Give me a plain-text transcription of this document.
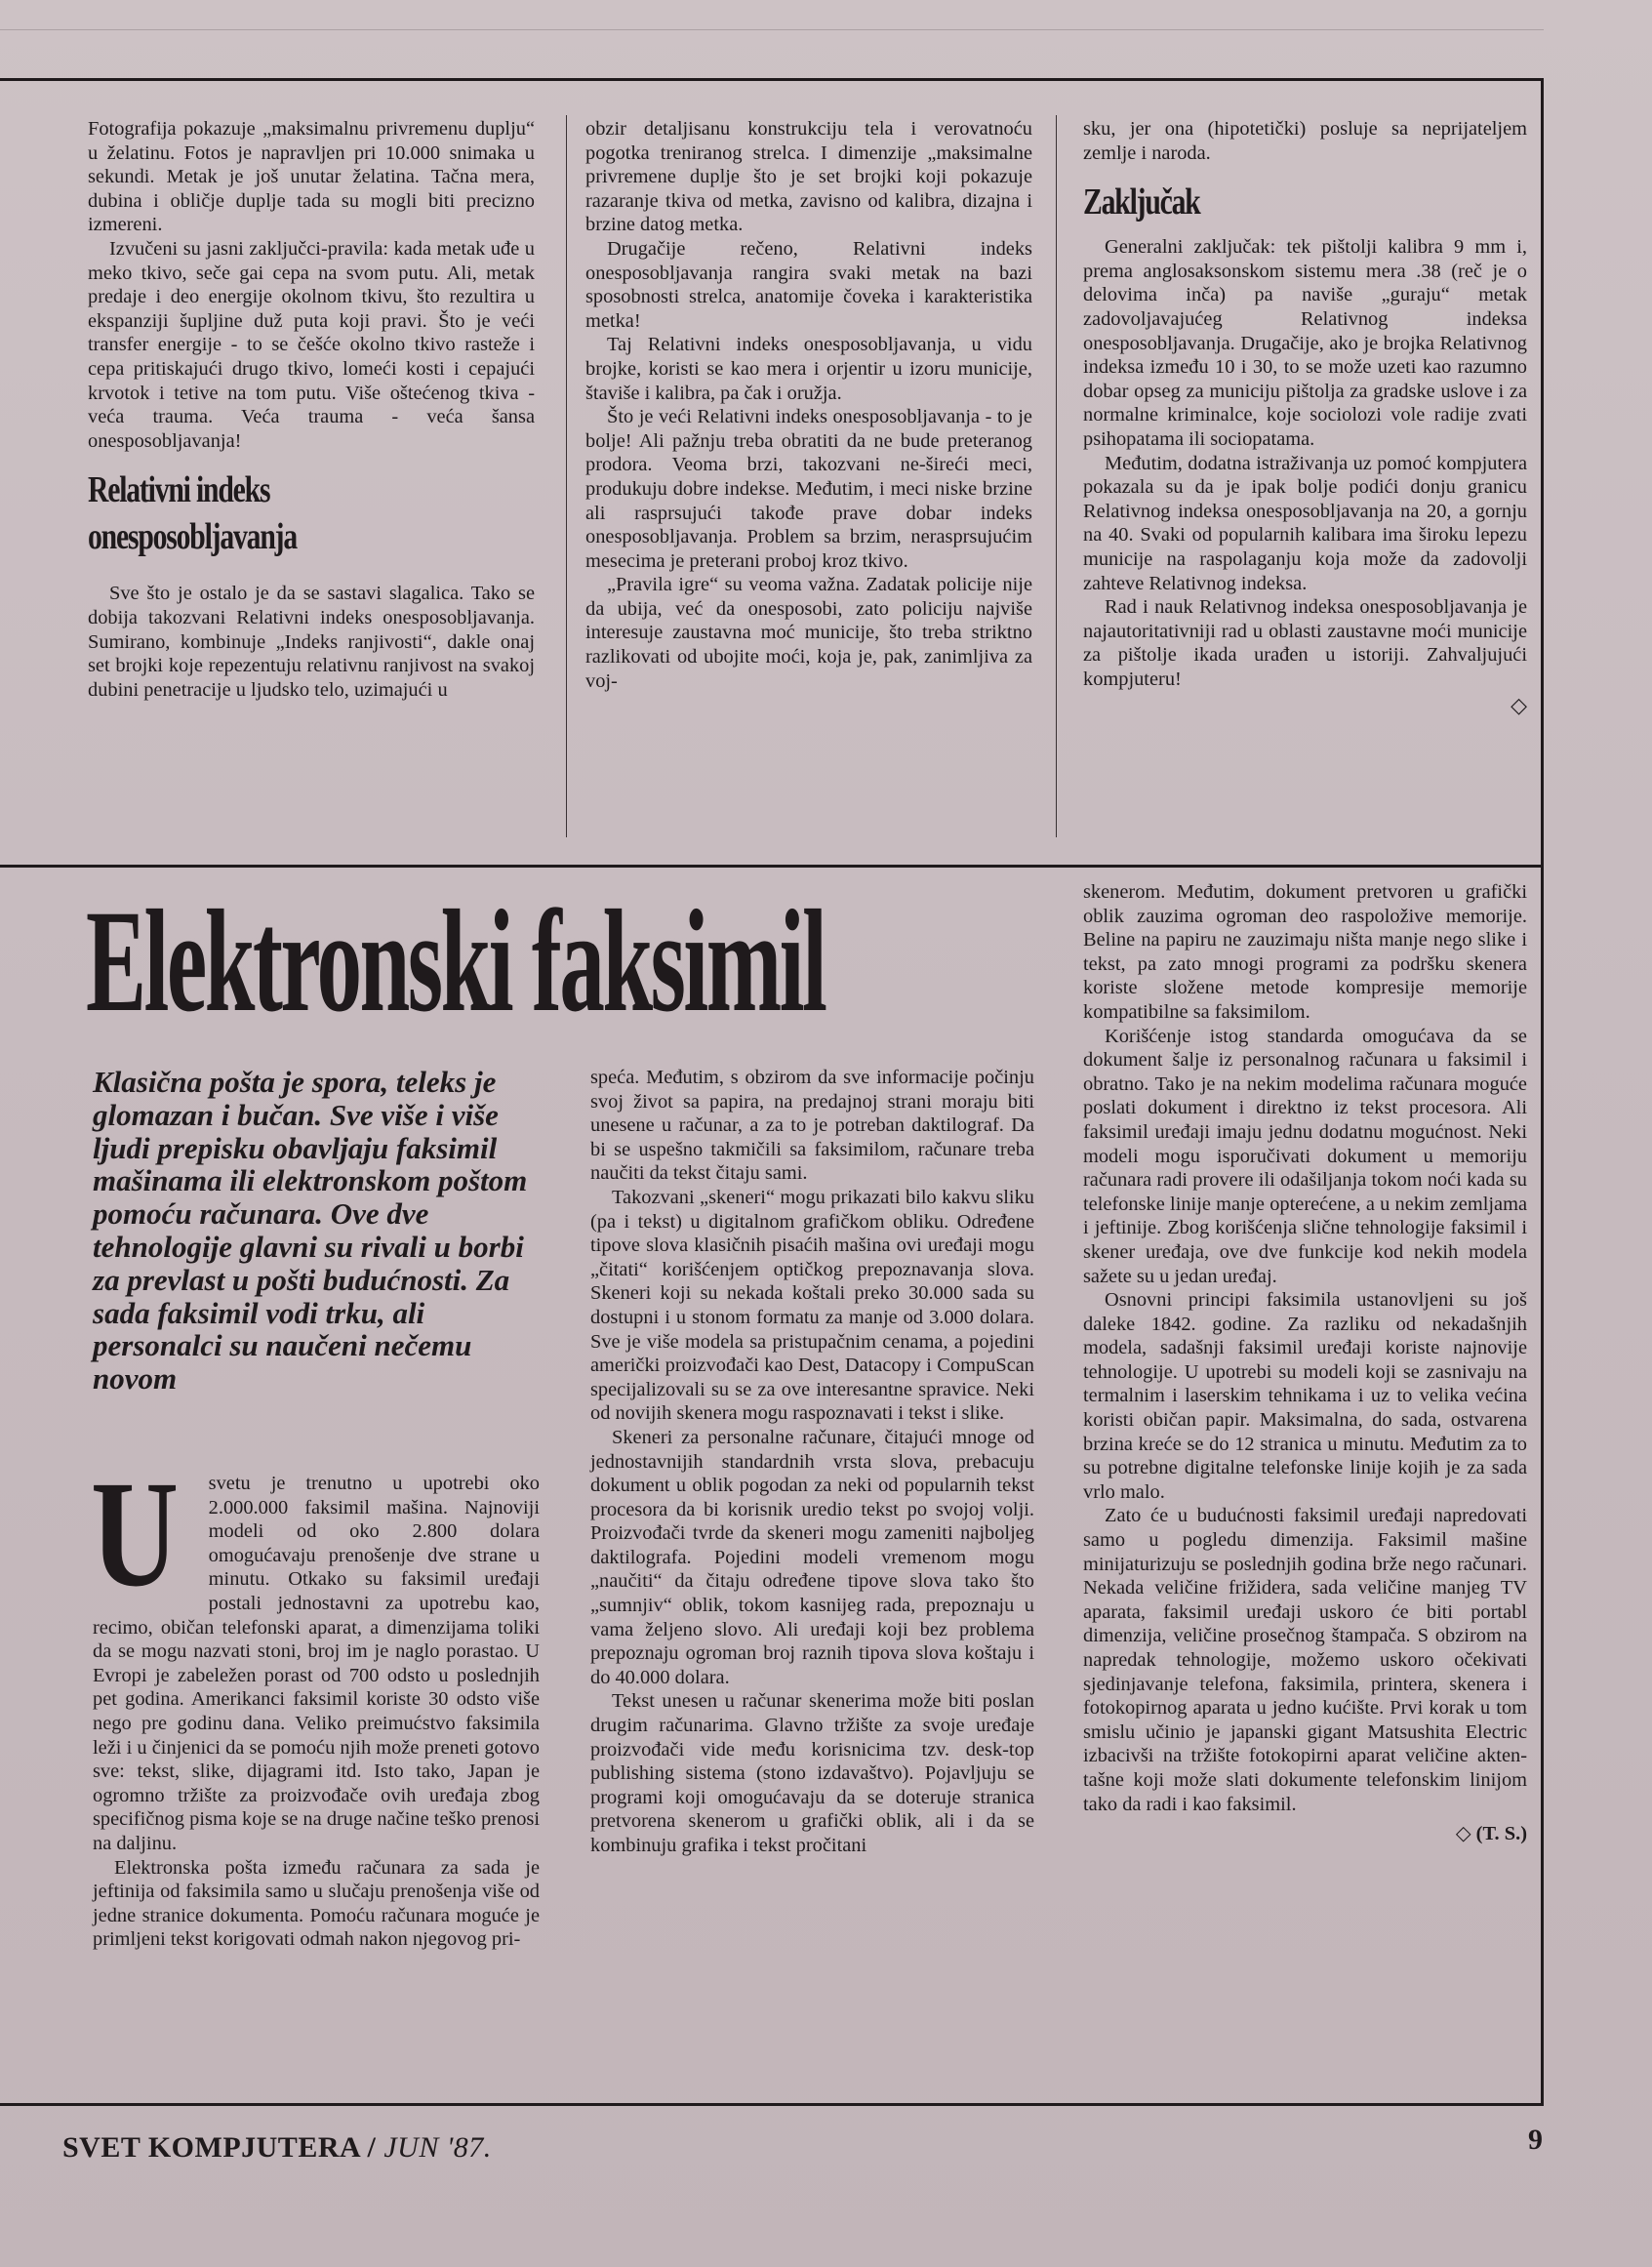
Fotografija pokazuje „maksimalnu privremenu duplju“ u želatinu. Fotos je napravljen pri 10.000 snimaka u sekundi. Metak je još unutar želatina. Tačna mera, dubina i obličje duplje tada su mogli biti precizno izmereni.

Izvučeni su jasni zaključci-pravila: kada metak uđe u meko tkivo, seče gai cepa na svom putu. Ali, metak predaje i deo energije okolnom tkivu, što rezultira u ekspanziji šupljine duž puta koji pravi. Što je veći transfer energije - to se češće okolno tkivo rasteže i cepa pritiskajući drugo tkivo, lomeći kosti i cepajući krvotok i tetive na tom putu. Više oštećenog tkiva - veća trauma. Veća trauma - veća šansa onesposobljavanja!

Relativni indeks
onesposobljavanja

Sve što je ostalo je da se sastavi slagalica. Tako se dobija takozvani Relativni indeks onesposobljavanja. Sumirano, kombinuje „Indeks ranjivosti“, dakle onaj set brojki koje repezentuju relativnu ranjivost na svakoj dubini penetracije u ljudsko telo, uzimajući u

obzir detaljisanu konstrukciju tela i verovatnoću pogotka treniranog strelca. I dimenzije „maksimalne privremene duplje što je set brojki koji pokazuje razaranje tkiva od metka, zavisno od kalibra, dizajna i brzine datog metka.

Drugačije rečeno, Relativni indeks onesposobljavanja rangira svaki metak na bazi sposobnosti strelca, anatomije čoveka i karakteristika metka!

Taj Relativni indeks onesposobljavanja, u vidu brojke, koristi se kao mera i orjentir u izoru municije, štaviše i kalibra, pa čak i oružja.

Što je veći Relativni indeks onesposobljavanja - to je bolje! Ali pažnju treba obratiti da ne bude preteranog prodora. Veoma brzi, takozvani ne-šireći meci, produkuju dobre indekse. Međutim, i meci niske brzine ali rasprsujući takođe prave dobar indeks onesposobljavanja. Problem sa brzim, nerasprsujućim mesecima je preterani proboj kroz tkivo.

„Pravila igre“ su veoma važna. Zadatak policije nije da ubija, već da onesposobi, zato policiju najviše interesuje zaustavna moć municije, što treba striktno razlikovati od ubojite moći, koja je, pak, zanimljiva za voj-

sku, jer ona (hipotetički) posluje sa neprijateljem zemlje i naroda.

Zaključak

Generalni zaključak: tek pištolji kalibra 9 mm i, prema anglosaksonskom sistemu mera .38 (reč je o delovima inča) pa naviše „guraju“ metak zadovoljavajućeg Relativnog indeksa onesposobljavanja. Drugačije, ako je brojka Relativnog indeksa između 10 i 30, to se može uzeti kao razumno dobar opseg za municiju pištolja za gradske uslove i za normalne kriminalce, koje sociolozi vole radije zvati psihopatama ili sociopatama.

Međutim, dodatna istraživanja uz pomoć kompjutera pokazala su da je ipak bolje podići donju granicu Relativnog indeksa onesposobljavanja na 20, a gornju na 40. Svaki od popularnih kalibara ima široku lepezu municije na raspolaganju koja može da zadovolji zahteve Relativnog indeksa.

Rad i nauk Relativnog indeksa onesposobljavanja je najautoritativniji rad u oblasti zaustavne moći municije za pištolje ikada urađen u istoriji. Zahvaljujući kompjuteru!

◇
Elektronski faksimil
Klasična pošta je spora, teleks je glomazan i bučan. Sve više i više ljudi prepisku obavljaju faksimil mašinama ili elektronskom poštom pomoću računara. Ove dve tehnologije glavni su rivali u borbi za prevlast u pošti budućnosti. Za sada faksimil vodi trku, ali personalci su naučeni nečemu novom

U svetu je trenutno u upotrebi oko 2.000.000 faksimil mašina. Najnoviji modeli od oko 2.800 dolara omogućavaju prenošenje dve strane u minutu. Otkako su faksimil uređaji postali jednostavni za upotrebu kao, recimo, običan telefonski aparat, a dimenzijama toliki da se mogu nazvati stoni, broj im je naglo porastao. U Evropi je zabeležen porast od 700 odsto u poslednjih pet godina. Amerikanci faksimil koriste 30 odsto više nego pre godinu dana. Veliko preimućstvo faksimila leži i u činjenici da se pomoću njih može preneti gotovo sve: tekst, slike, dijagrami itd. Isto tako, Japan je ogromno tržište za proizvođače ovih uređaja zbog specifičnog pisma koje se na druge načine teško prenosi na daljinu.

Elektronska pošta između računara za sada je jeftinija od faksimila samo u slučaju prenošenja više od jedne stranice dokumenta. Pomoću računara moguće je primljeni tekst korigovati odmah nakon njegovog pri-

speća. Međutim, s obzirom da sve informacije počinju svoj život sa papira, na predajnoj strani moraju biti unesene u računar, a za to je potreban daktilograf. Da bi se uspešno takmičili sa faksimilom, računare treba naučiti da tekst čitaju sami.

Takozvani „skeneri“ mogu prikazati bilo kakvu sliku (pa i tekst) u digitalnom grafičkom obliku. Određene tipove slova klasičnih pisaćih mašina ovi uređaji mogu „čitati“ korišćenjem optičkog prepoznavanja slova. Skeneri koji su nekada koštali preko 30.000 sada su dostupni i u stonom formatu za manje od 3.000 dolara. Sve je više modela sa pristupačnim cenama, a pojedini američki proizvođači kao Dest, Datacopy i CompuScan specijalizovali su se za ove interesantne spravice. Neki od novijih skenera mogu raspoznavati i tekst i slike.

Skeneri za personalne računare, čitajući mnoge od jednostavnijih standardnih vrsta slova, prebacuju dokument u oblik pogodan za neki od popularnih tekst procesora da bi korisnik uredio tekst po svojoj volji. Proizvođači tvrde da skeneri mogu zameniti najboljeg daktilografa. Pojedini modeli vremenom mogu „naučiti“ da čitaju određene tipove slova tako što „sumnjiv“ oblik, tokom kasnijeg rada, prepoznaju u vama željeno slovo. Ali uređaji koji bez problema prepoznaju ogroman broj raznih tipova slova koštaju i do 40.000 dolara.

Tekst unesen u računar skenerima može biti poslan drugim računarima. Glavno tržište za svoje uređaje proizvođači vide među korisnicima tzv. desk-top publishing sistema (stono izdavaštvo). Pojavljuju se programi koji omogućavaju da se doteruje stranica pretvorena skenerom u grafički oblik, ali i da se kombinuju grafika i tekst pročitani

skenerom. Međutim, dokument pretvoren u grafički oblik zauzima ogroman deo raspoložive memorije. Beline na papiru ne zauzimaju ništa manje nego slike i tekst, pa zato mnogi programi za podršku skenera koriste složene metode kompresije memorije kompatibilne sa faksimilom.

Korišćenje istog standarda omogućava da se dokument šalje iz personalnog računara u faksimil i obratno. Tako je na nekim modelima računara moguće poslati dokument i direktno iz tekst procesora. Ali faksimil uređaji imaju jednu dodatnu mogućnost. Neki modeli mogu isporučivati dokument u memoriju računara radi provere ili odašiljanja tokom noći kada su telefonske linije manje opterećene, a u nekim zemljama i jeftinije. Zbog korišćenja slične tehnologije faksimil i skener uređaja, ove dve funkcije kod nekih modela sažete su u jedan uređaj.

Osnovni principi faksimila ustanovljeni su još daleke 1842. godine. Za razliku od nekadašnjih modela, sadašnji faksimil uređaji koriste najnovije tehnologije. U upotrebi su modeli koji se zasnivaju na termalnim i laserskim tehnikama i uz to velika većina koristi običan papir. Maksimalna, do sada, ostvarena brzina kreće se do 12 stranica u minutu. Međutim za to su potrebne digitalne telefonske linije kojih je za sada vrlo malo.

Zato će u budućnosti faksimil uređaji napredovati samo u pogledu dimenzija. Faksimil mašine minijaturizuju se poslednjih godina brže nego računari. Nekada veličine frižidera, sada veličine manjeg TV aparata, faksimil uređaji uskoro će biti portabl dimenzija, veličine prosečnog štampača. S obzirom na napredak tehnologije, možemo uskoro očekivati sjedinjavanje telefona, faksimila, printera, skenera i fotokopirnog aparata u jedno kućište. Prvi korak u tom smislu učinio je japanski gigant Matsushita Electric izbacivši na tržište fotokopirni aparat veličine akten-tašne koji može slati dokumente telefonskim linijom tako da radi i kao faksimil.

◇ (T. S.)
SVET KOMPJUTERA / JUN '87.	9
